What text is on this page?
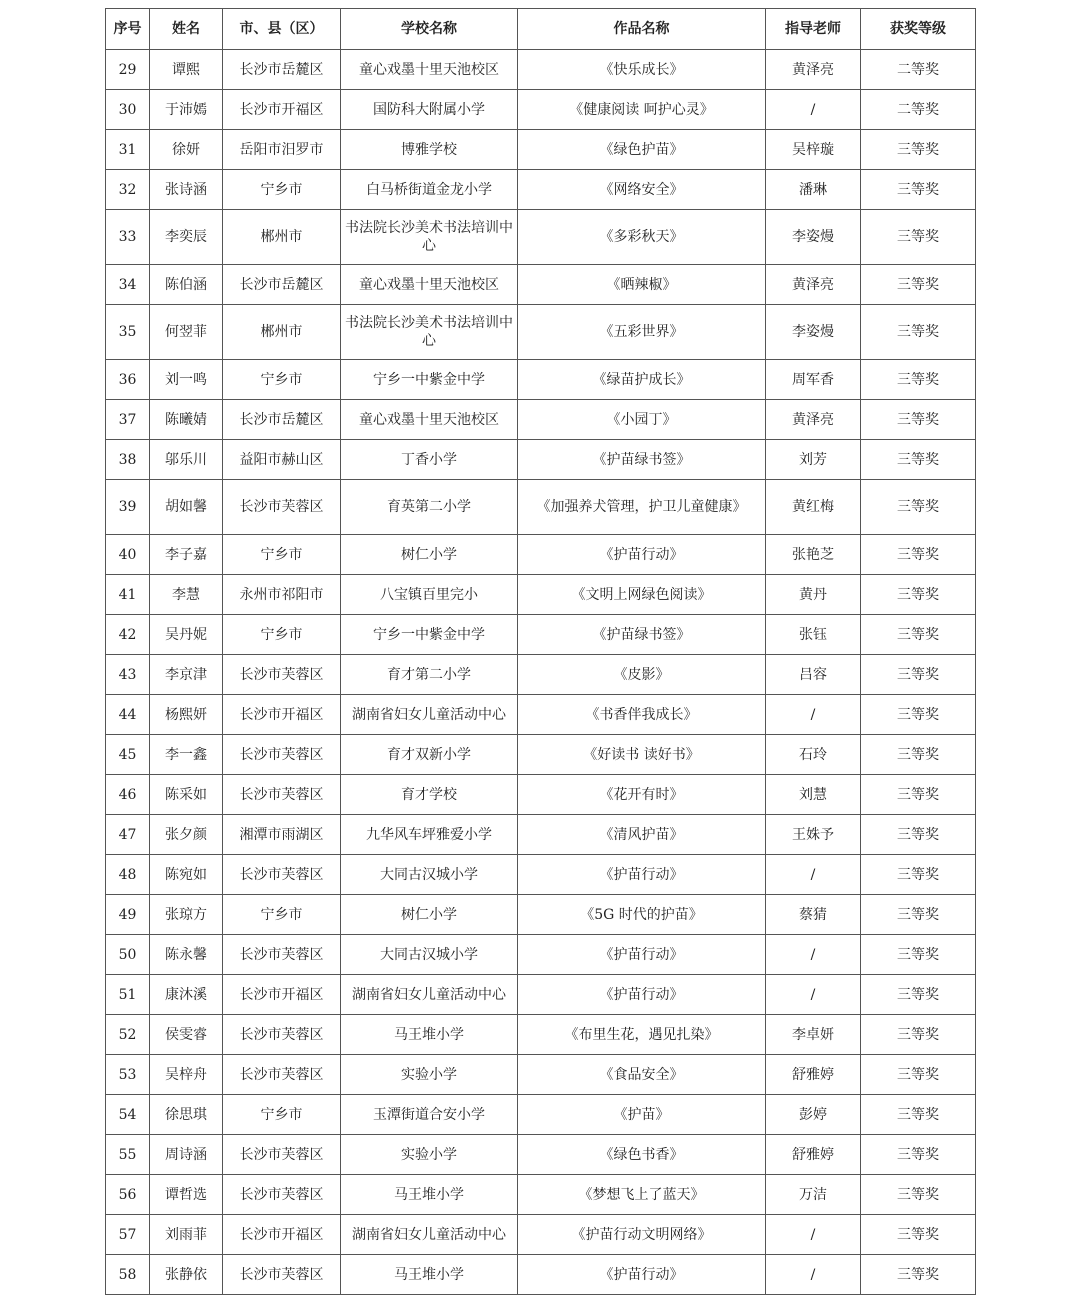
序号	姓名	市、县（区）	学校名称	作品名称	指导老师	获奖等级
29	谭熙	长沙市岳麓区	童心戏墨十里天池校区	《快乐成长》	黄泽亮	二等奖
30	于沛嫣	长沙市开福区	国防科大附属小学	《健康阅读 呵护心灵》	/	二等奖
31	徐妍	岳阳市汨罗市	博雅学校	《绿色护苗》	吴梓璇	三等奖
32	张诗涵	宁乡市	白马桥街道金龙小学	《网络安全》	潘琳	三等奖
33	李奕辰	郴州市	书法院长沙美术书法培训中心	《多彩秋天》	李姿熳	三等奖
34	陈伯涵	长沙市岳麓区	童心戏墨十里天池校区	《晒辣椒》	黄泽亮	三等奖
35	何翌菲	郴州市	书法院长沙美术书法培训中心	《五彩世界》	李姿熳	三等奖
36	刘一鸣	宁乡市	宁乡一中紫金中学	《绿苗护成长》	周军香	三等奖
37	陈曦婧	长沙市岳麓区	童心戏墨十里天池校区	《小园丁》	黄泽亮	三等奖
38	邬乐川	益阳市赫山区	丁香小学	《护苗绿书签》	刘芳	三等奖
39	胡如馨	长沙市芙蓉区	育英第二小学	《加强养犬管理，护卫儿童健康》	黄红梅	三等奖
40	李子嘉	宁乡市	树仁小学	《护苗行动》	张艳芝	三等奖
41	李慧	永州市祁阳市	八宝镇百里完小	《文明上网绿色阅读》	黄丹	三等奖
42	吴丹妮	宁乡市	宁乡一中紫金中学	《护苗绿书签》	张钰	三等奖
43	李京津	长沙市芙蓉区	育才第二小学	《皮影》	吕容	三等奖
44	杨熙妍	长沙市开福区	湖南省妇女儿童活动中心	《书香伴我成长》	/	三等奖
45	李一鑫	长沙市芙蓉区	育才双新小学	《好读书 读好书》	石玲	三等奖
46	陈采如	长沙市芙蓉区	育才学校	《花开有时》	刘慧	三等奖
47	张夕颜	湘潭市雨湖区	九华风车坪雅爱小学	《清风护苗》	王姝予	三等奖
48	陈宛如	长沙市芙蓉区	大同古汉城小学	《护苗行动》	/	三等奖
49	张琼方	宁乡市	树仁小学	《5G 时代的护苗》	蔡猜	三等奖
50	陈永馨	长沙市芙蓉区	大同古汉城小学	《护苗行动》	/	三等奖
51	康沐溪	长沙市开福区	湖南省妇女儿童活动中心	《护苗行动》	/	三等奖
52	侯雯睿	长沙市芙蓉区	马王堆小学	《布里生花，遇见扎染》	李卓妍	三等奖
53	吴梓舟	长沙市芙蓉区	实验小学	《食品安全》	舒雅婷	三等奖
54	徐思琪	宁乡市	玉潭街道合安小学	《护苗》	彭婷	三等奖
55	周诗涵	长沙市芙蓉区	实验小学	《绿色书香》	舒雅婷	三等奖
56	谭哲选	长沙市芙蓉区	马王堆小学	《梦想飞上了蓝天》	万洁	三等奖
57	刘雨菲	长沙市开福区	湖南省妇女儿童活动中心	《护苗行动文明网络》	/	三等奖
58	张静依	长沙市芙蓉区	马王堆小学	《护苗行动》	/	三等奖
